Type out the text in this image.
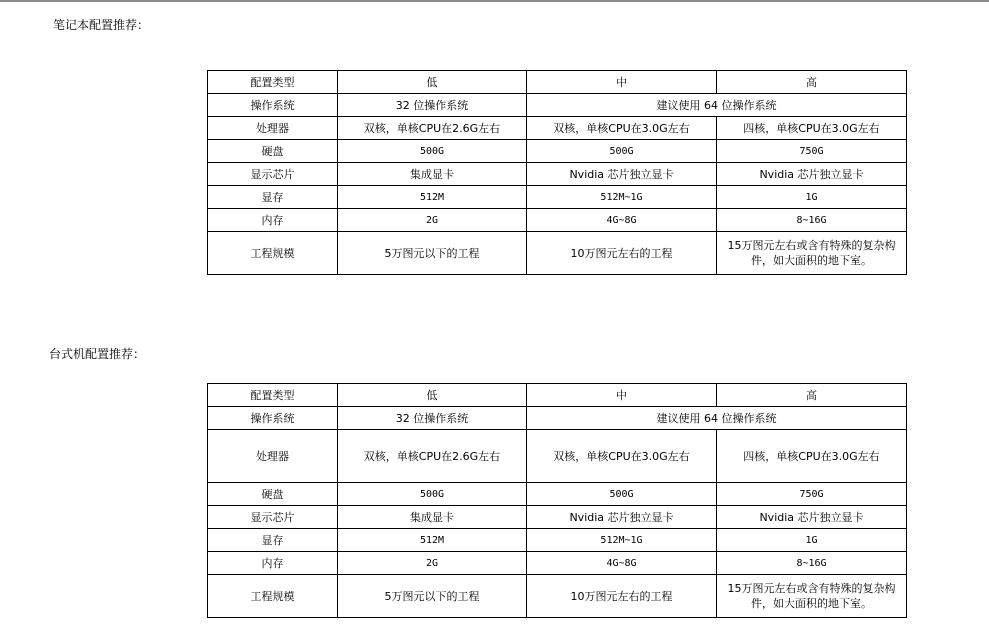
笔记本配置推荐：
配置类型	低	中	高
操作系统	32 位操作系统	建议使用 64 位操作系统	
处理器	双核，单核CPU在2.6G左右	双核，单核CPU在3.0G左右	四核，单核CPU在3.0G左右
硬盘	500G	500G	750G
显示芯片	集成显卡	Nvidia 芯片独立显卡	Nvidia 芯片独立显卡
显存	512M	512M~1G	1G
内存	2G	4G~8G	8~16G
工程规模	5万图元以下的工程	10万图元左右的工程	15万图元左右或含有特殊的复杂构件，如大面积的地下室。
台式机配置推荐：
配置类型	低	中	高
操作系统	32 位操作系统	建议使用 64 位操作系统	
处理器	双核，单核CPU在2.6G左右	双核，单核CPU在3.0G左右	四核，单核CPU在3.0G左右
硬盘	500G	500G	750G
显示芯片	集成显卡	Nvidia 芯片独立显卡	Nvidia 芯片独立显卡
显存	512M	512M~1G	1G
内存	2G	4G~8G	8~16G
工程规模	5万图元以下的工程	10万图元左右的工程	15万图元左右或含有特殊的复杂构件，如大面积的地下室。
